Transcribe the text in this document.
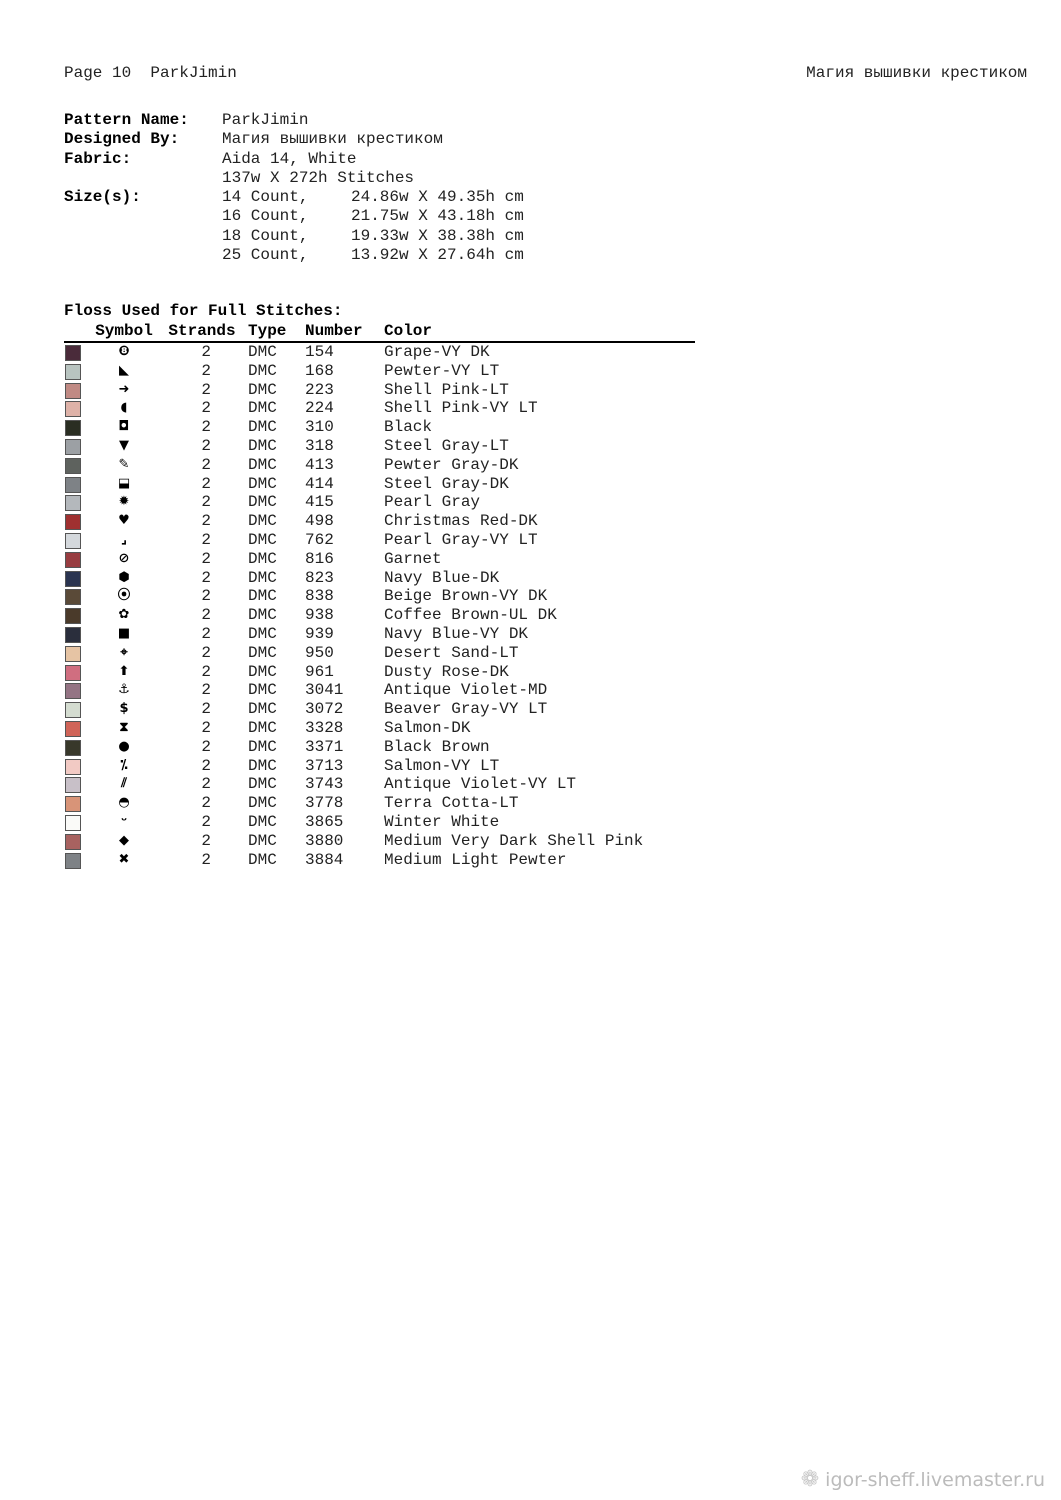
Page 10 ParkJimin	Магия вышивки крестиком
Pattern Name:	ParkJimin
Designed By:	Магия вышивки крестиком
Fabric:	Aida 14, White
137w X 272h Stitches
Size(s):	14 Count,	24.86w X 49.35h cm
16 Count,	21.75w X 43.18h cm
18 Count,	19.33w X 38.38h cm
25 Count,	13.92w X 27.64h cm
Floss Used for Full Stitches:
Symbol Strands Type	Number	Color
❽	2	DMC	154	Grape-VY DK
◣	2	DMC	168	Pewter-VY LT
➜	2	DMC	223	Shell Pink-LT
◖	2	DMC	224	Shell Pink-VY LT
◘	2	DMC	310	Black
▼	2	DMC	318	Steel Gray-LT
✎	2	DMC	413	Pewter Gray-DK
⬓	2	DMC	414	Steel Gray-DK
✹	2	DMC	415	Pearl Gray
♥	2	DMC	498	Christmas Red-DK
⌟	2	DMC	762	Pearl Gray-VY LT
⊘	2	DMC	816	Garnet
⬢	2	DMC	823	Navy Blue-DK
⦿	2	DMC	838	Beige Brown-VY DK
✿	2	DMC	938	Coffee Brown-UL DK
■	2	DMC	939	Navy Blue-VY DK
⌖	2	DMC	950	Desert Sand-LT
⬆	2	DMC	961	Dusty Rose-DK
⚓	2	DMC	3041	Antique Violet-MD
$	2	DMC	3072	Beaver Gray-VY LT
⧗	2	DMC	3328	Salmon-DK
●	2	DMC	3371	Black Brown
⁒	2	DMC	3713	Salmon-VY LT
⫽	2	DMC	3743	Antique Violet-VY LT
◓	2	DMC	3778	Terra Cotta-LT
ᵕ	2	DMC	3865	Winter White
◆	2	DMC	3880	Medium Very Dark Shell Pink
✖	2	DMC	3884	Medium Light Pewter
❁ igor-sheff.livemaster.ru
